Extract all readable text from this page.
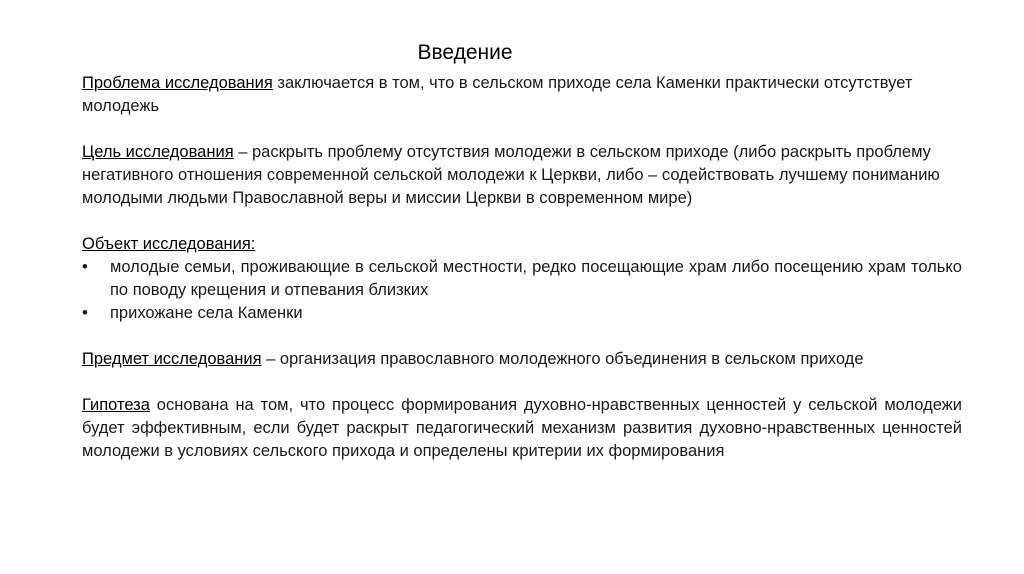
Введение

Проблема исследования заключается в том, что в сельском приходе села Каменки практически отсутствует молодежь

Цель исследования – раскрыть проблему отсутствия молодежи в сельском приходе (либо раскрыть проблему негативного отношения современной сельской молодежи к Церкви, либо – содействовать лучшему пониманию молодыми людьми Православной веры и миссии Церкви в современном мире)

Объект исследования:

• молодые семьи, проживающие в сельской местности, редко посещающие храм либо посещению храм только по поводу крещения и отпевания близких
• прихожане села Каменки

Предмет исследования – организация православного молодежного объединения в сельском приходе

Гипотеза основана на том, что процесс формирования духовно-нравственных ценностей у сельской молодежи будет эффективным, если будет раскрыт педагогический механизм развития духовно-нравственных ценностей молодежи в условиях сельского прихода и определены критерии их формирования
